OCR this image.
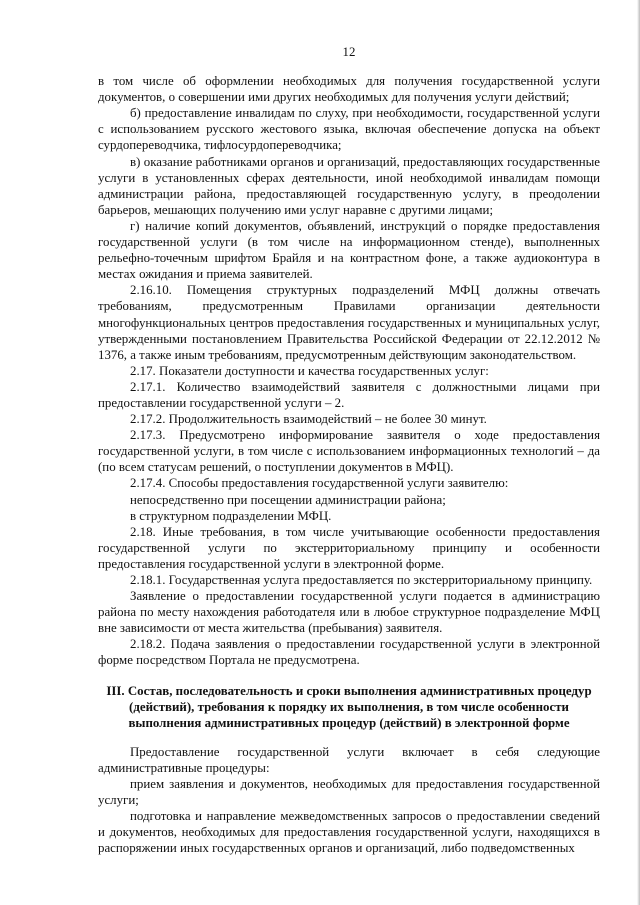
12

в том числе об оформлении необходимых для получения государственной услуги документов, о совершении ими других необходимых для получения услуги действий;

б) предоставление инвалидам по слуху, при необходимости, государственной услуги с использованием русского жестового языка, включая обеспечение допуска на объект сурдопереводчика, тифлосурдопереводчика;

в) оказание работниками органов и организаций, предоставляющих государственные услуги в установленных сферах деятельности, иной необходимой инвалидам помощи администрации района, предоставляющей государственную услугу, в преодолении барьеров, мешающих получению ими услуг наравне с другими лицами;

г) наличие копий документов, объявлений, инструкций о порядке предоставления государственной услуги (в том числе на информационном стенде), выполненных рельефно-точечным шрифтом Брайля и на контрастном фоне, а также аудиоконтура в местах ожидания и приема заявителей.

2.16.10. Помещения структурных подразделений МФЦ должны отвечать требованиям, предусмотренным Правилами организации деятельности многофункциональных центров предоставления государственных и муниципальных услуг, утвержденными постановлением Правительства Российской Федерации от 22.12.2012 № 1376, а также иным требованиям, предусмотренным действующим законодательством.

2.17. Показатели доступности и качества государственных услуг:

2.17.1. Количество взаимодействий заявителя с должностными лицами при предоставлении государственной услуги – 2.

2.17.2. Продолжительность взаимодействий – не более 30 минут.

2.17.3. Предусмотрено информирование заявителя о ходе предоставления государственной услуги, в том числе с использованием информационных технологий – да (по всем статусам решений, о поступлении документов в МФЦ).

2.17.4. Способы предоставления государственной услуги заявителю:

непосредственно при посещении администрации района;

в структурном подразделении МФЦ.

2.18. Иные требования, в том числе учитывающие особенности предоставления государственной услуги по экстерриториальному принципу и особенности предоставления государственной услуги в электронной форме.

2.18.1. Государственная услуга предоставляется по экстерриториальному принципу.

Заявление о предоставлении государственной услуги подается в администрацию района по месту нахождения работодателя или в любое структурное подразделение МФЦ вне зависимости от места жительства (пребывания) заявителя.

2.18.2. Подача заявления о предоставлении государственной услуги в электронной форме посредством Портала не предусмотрена.

III. Состав, последовательность и сроки выполнения административных процедур (действий), требования к порядку их выполнения, в том числе особенности выполнения административных процедур (действий) в электронной форме

Предоставление государственной услуги включает в себя следующие административные процедуры:

прием заявления и документов, необходимых для предоставления государственной услуги;

подготовка и направление межведомственных запросов о предоставлении сведений и документов, необходимых для предоставления государственной услуги, находящихся в распоряжении иных государственных органов и организаций, либо подведомственных
